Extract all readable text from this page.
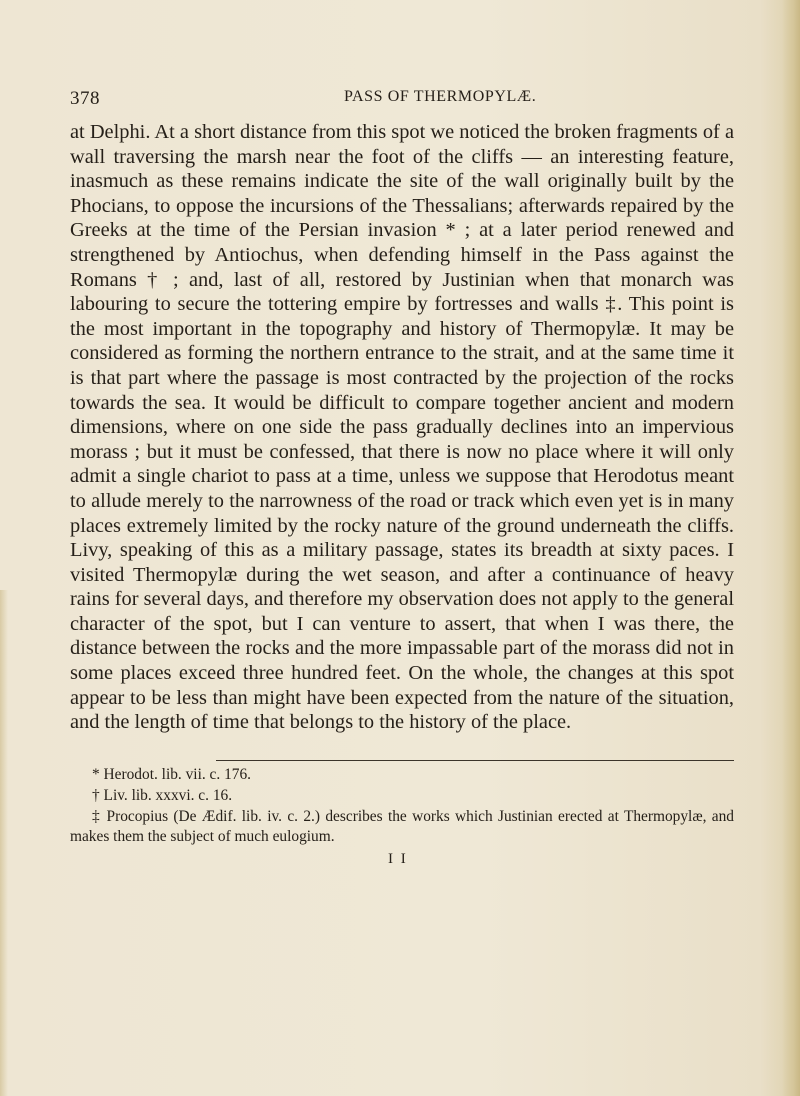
378	PASS OF THERMOPYLÆ.

at Delphi. At a short distance from this spot we noticed the broken fragments of a wall traversing the marsh near the foot of the cliffs — an interesting feature, inasmuch as these remains indicate the site of the wall originally built by the Phocians, to oppose the incursions of the Thessalians; afterwards repaired by the Greeks at the time of the Persian invasion * ; at a later period renewed and strengthened by Antiochus, when defending himself in the Pass against the Romans † ; and, last of all, restored by Justinian when that monarch was labouring to secure the tottering empire by fortresses and walls ‡. This point is the most important in the topography and history of Thermopylæ. It may be considered as forming the northern entrance to the strait, and at the same time it is that part where the passage is most contracted by the projection of the rocks towards the sea. It would be difficult to compare together ancient and modern dimensions, where on one side the pass gradually declines into an impervious morass ; but it must be confessed, that there is now no place where it will only admit a single chariot to pass at a time, unless we suppose that Herodotus meant to allude merely to the narrowness of the road or track which even yet is in many places extremely limited by the rocky nature of the ground underneath the cliffs. Livy, speaking of this as a military passage, states its breadth at sixty paces. I visited Thermopylæ during the wet season, and after a continuance of heavy rains for several days, and therefore my observation does not apply to the general character of the spot, but I can venture to assert, that when I was there, the distance between the rocks and the more impassable part of the morass did not in some places exceed three hundred feet. On the whole, the changes at this spot appear to be less than might have been expected from the nature of the situation, and the length of time that belongs to the history of the place.

* Herodot. lib. vii. c. 176.

† Liv. lib. xxxvi. c. 16.

‡ Procopius (De Ædif. lib. iv. c. 2.) describes the works which Justinian erected at Thermopylæ, and makes them the subject of much eulogium.

I I
